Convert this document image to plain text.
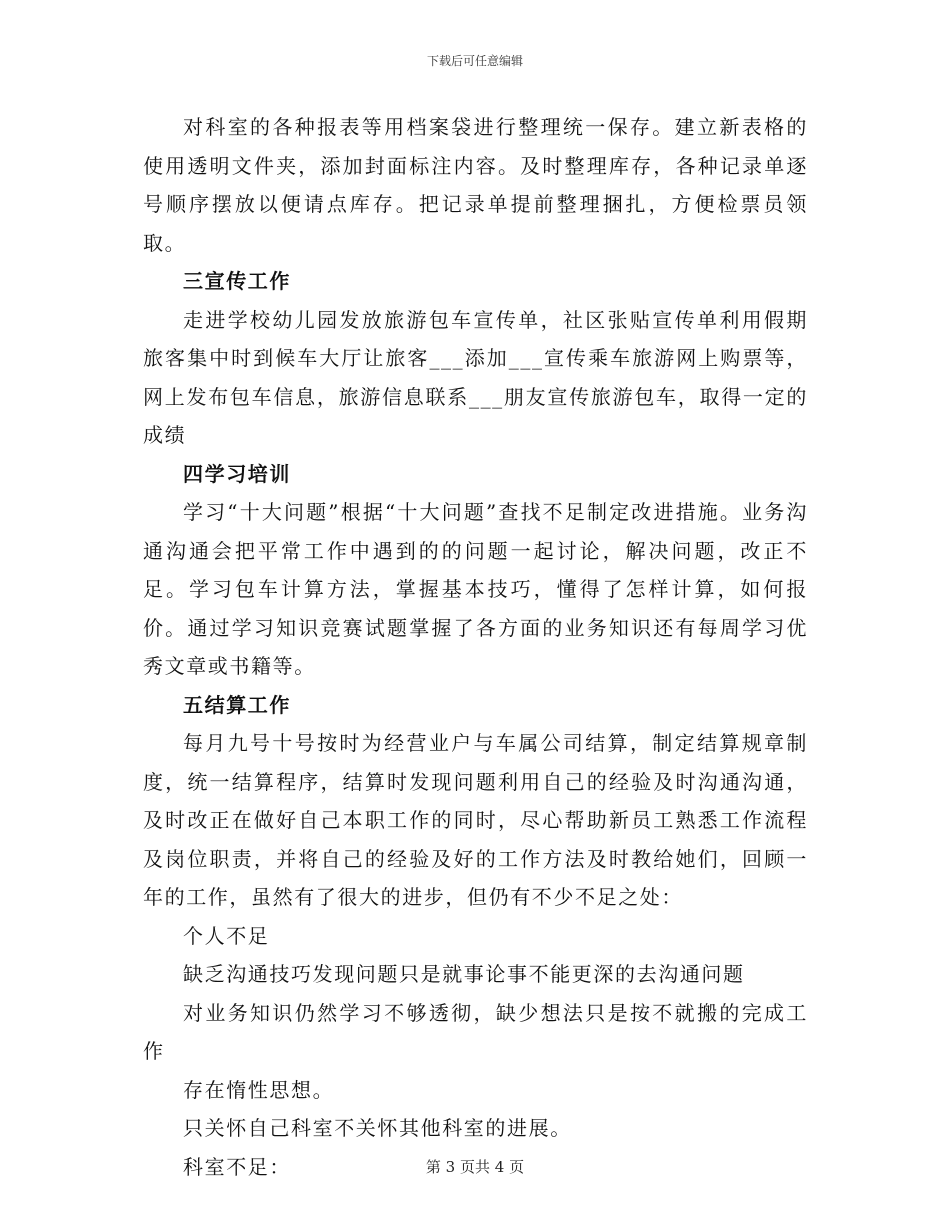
下载后可任意编辑

对科室的各种报表等用档案袋进行整理统一保存。建立新表格的使用透明文件夹，添加封面标注内容。及时整理库存，各种记录单逐号顺序摆放以便请点库存。把记录单提前整理捆扎，方便检票员领取。

三宣传工作

走进学校幼儿园发放旅游包车宣传单，社区张贴宣传单利用假期旅客集中时到候车大厅让旅客___添加___宣传乘车旅游网上购票等，网上发布包车信息，旅游信息联系___朋友宣传旅游包车，取得一定的成绩

四学习培训

学习“十大问题”根据“十大问题”查找不足制定改进措施。业务沟通沟通会把平常工作中遇到的的问题一起讨论，解决问题，改正不足。学习包车计算方法，掌握基本技巧，懂得了怎样计算，如何报价。通过学习知识竞赛试题掌握了各方面的业务知识还有每周学习优秀文章或书籍等。

五结算工作

每月九号十号按时为经营业户与车属公司结算，制定结算规章制度，统一结算程序，结算时发现问题利用自己的经验及时沟通沟通，及时改正在做好自己本职工作的同时，尽心帮助新员工熟悉工作流程及岗位职责，并将自己的经验及好的工作方法及时教给她们，回顾一年的工作，虽然有了很大的进步，但仍有不少不足之处：

个人不足

缺乏沟通技巧发现问题只是就事论事不能更深的去沟通问题

对业务知识仍然学习不够透彻，缺少想法只是按不就搬的完成工作

存在惰性思想。

只关怀自己科室不关怀其他科室的进展。

科室不足：	第 3 页共 4 页
